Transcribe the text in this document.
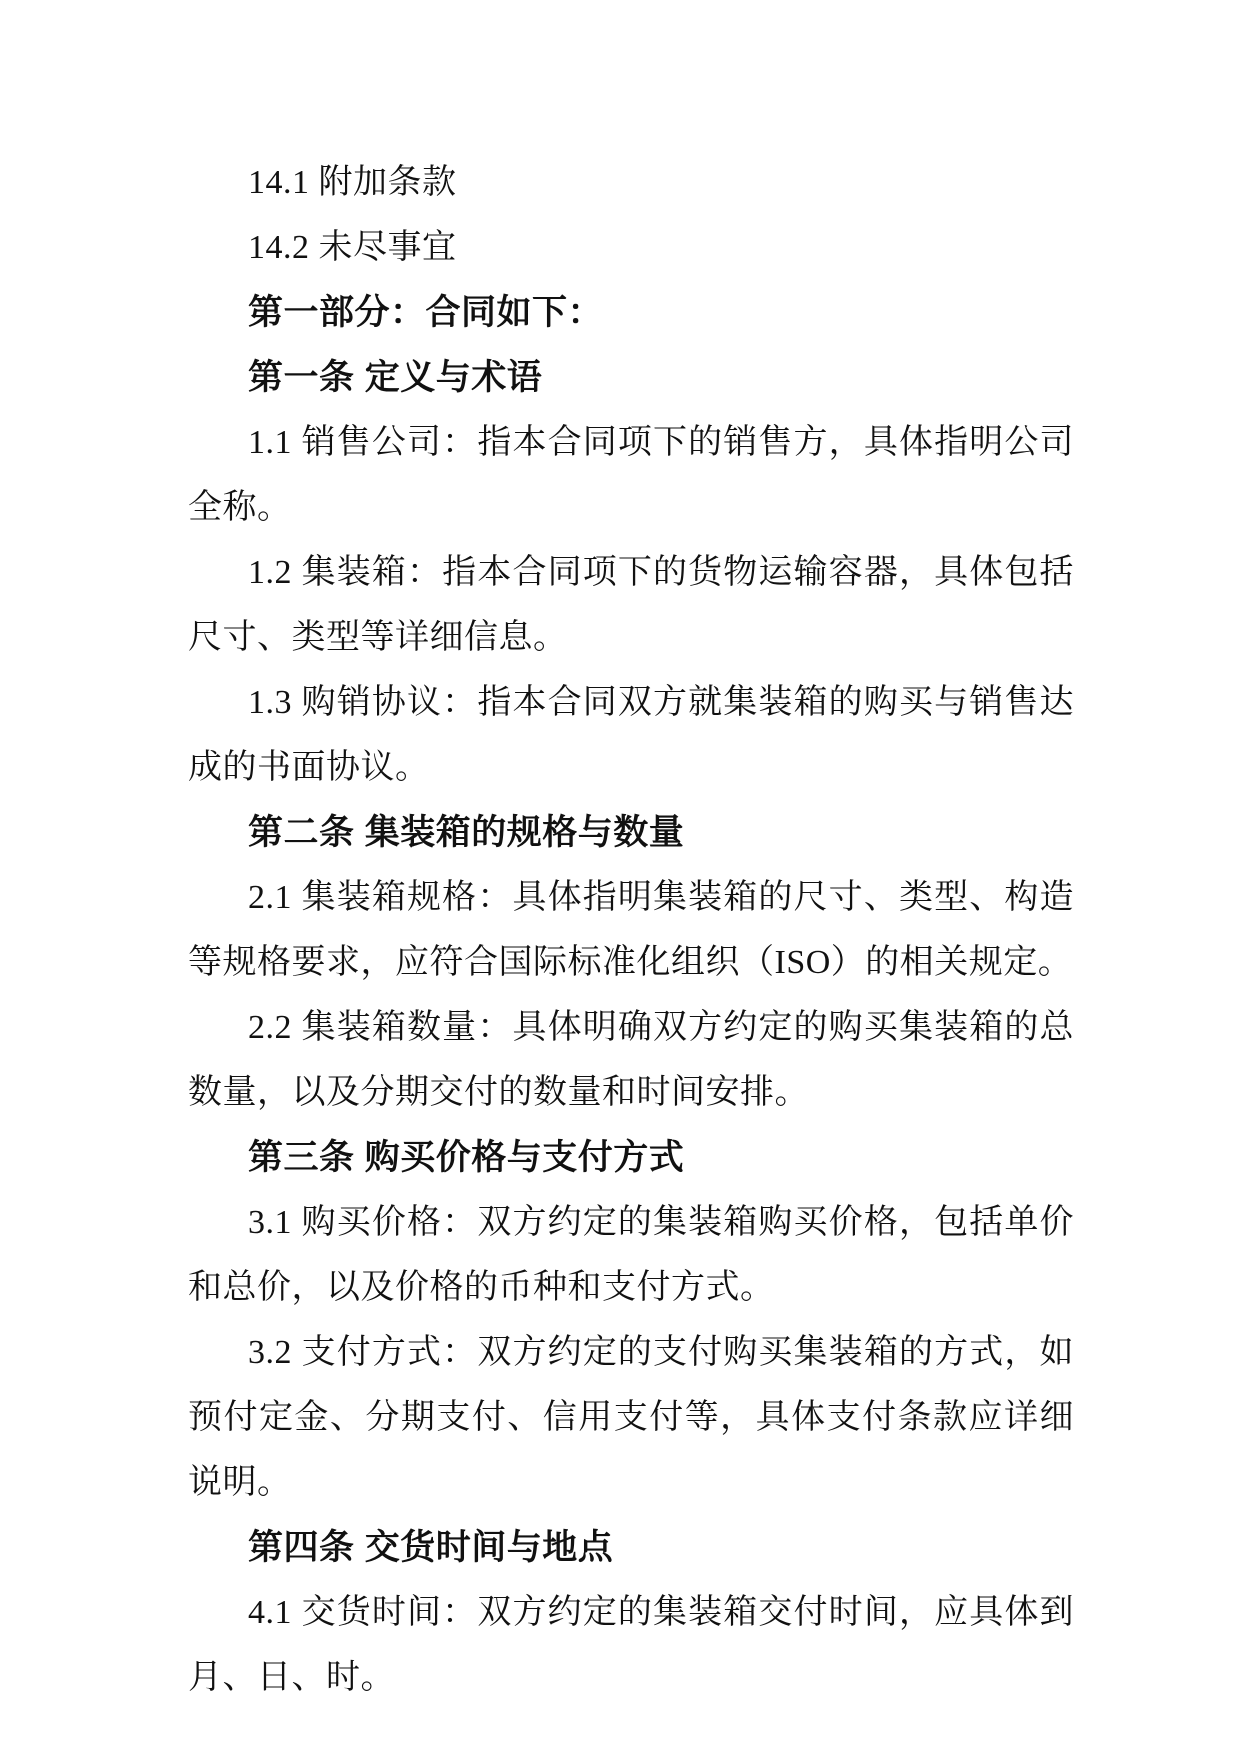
14.1 附加条款

14.2 未尽事宜

第一部分：合同如下：

第一条 定义与术语

1.1 销售公司：指本合同项下的销售方，具体指明公司全称。

1.2 集装箱：指本合同项下的货物运输容器，具体包括尺寸、类型等详细信息。

1.3 购销协议：指本合同双方就集装箱的购买与销售达成的书面协议。

第二条 集装箱的规格与数量

2.1 集装箱规格：具体指明集装箱的尺寸、类型、构造等规格要求，应符合国际标准化组织（ISO）的相关规定。

2.2 集装箱数量：具体明确双方约定的购买集装箱的总数量，以及分期交付的数量和时间安排。

第三条 购买价格与支付方式

3.1 购买价格：双方约定的集装箱购买价格，包括单价和总价，以及价格的币种和支付方式。

3.2 支付方式：双方约定的支付购买集装箱的方式，如预付定金、分期支付、信用支付等，具体支付条款应详细说明。

第四条 交货时间与地点

4.1 交货时间：双方约定的集装箱交付时间，应具体到月、日、时。
